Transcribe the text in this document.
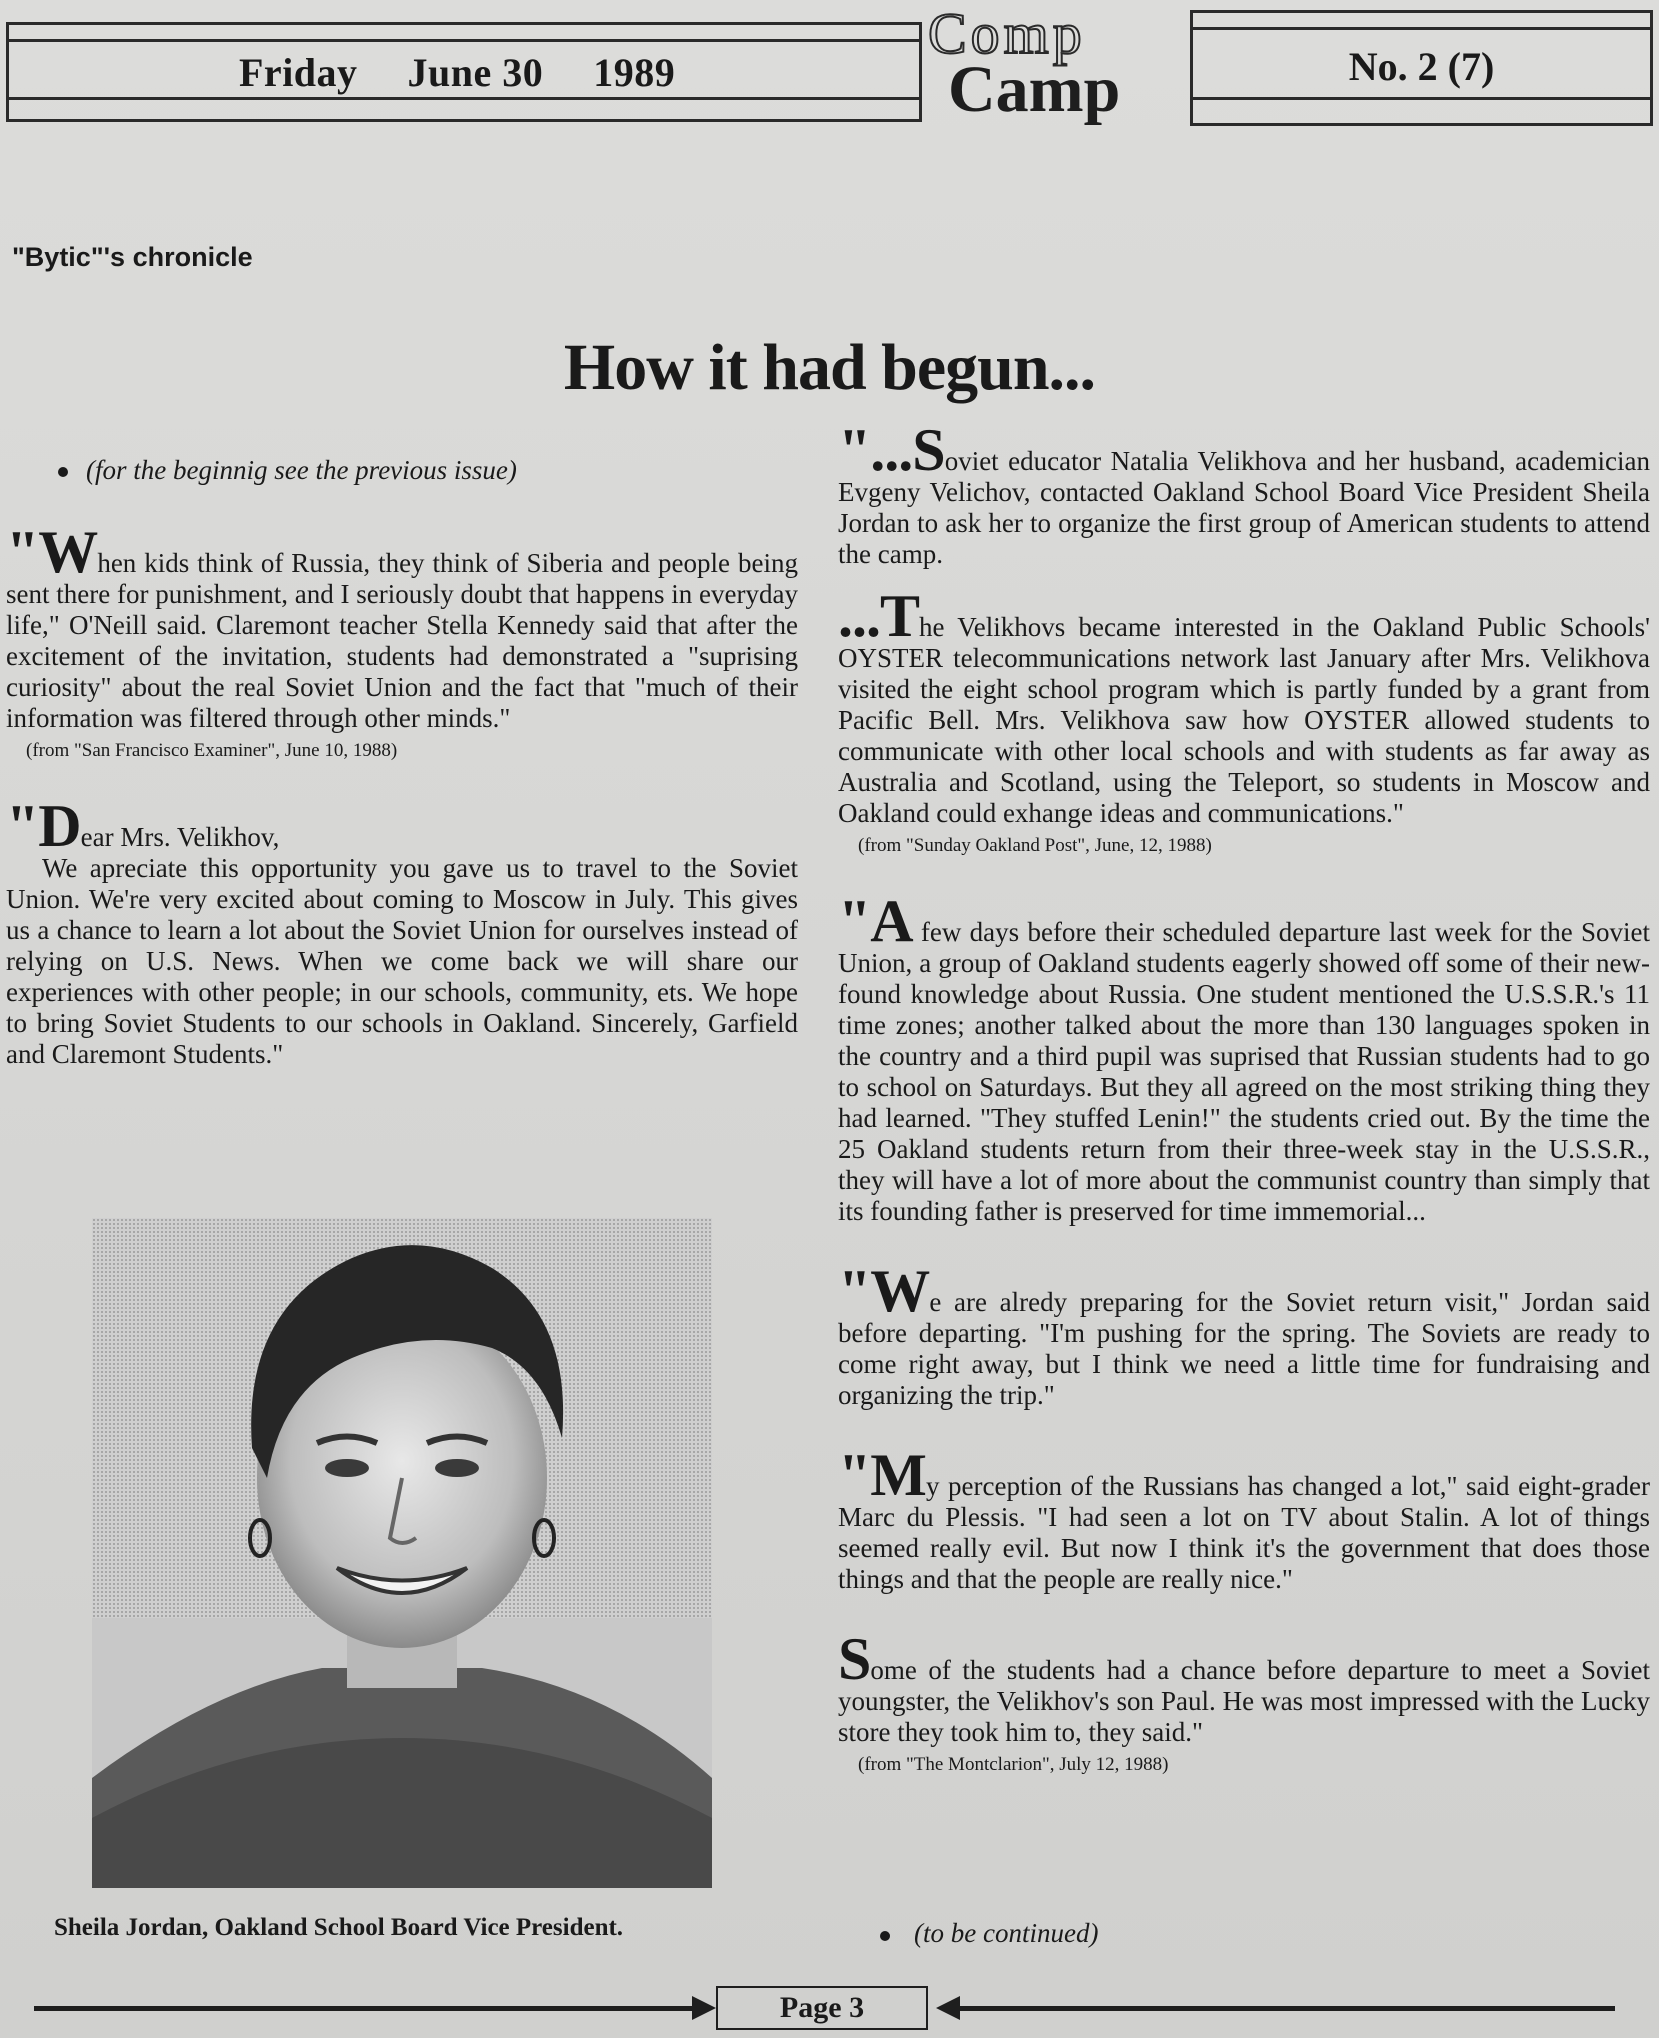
Friday June 30 1989
Comp
Camp	No. 2 (7)
"Bytic"'s chronicle
How it had begun...
(for the beginnig see the previous issue)

"When kids think of Russia, they think of Siberia and people being sent there for punishment, and I seriously doubt that happens in everyday life," O'Neill said. Claremont teacher Stella Kennedy said that after the excitement of the invitation, students had demonstrated a "suprising curiosity" about the real Soviet Union and the fact that "much of their information was filtered through other minds."

(from "San Francisco Examiner", June 10, 1988)

"Dear Mrs. Velikhov,

We apreciate this opportunity you gave us to travel to the Soviet Union. We're very excited about coming to Moscow in July. This gives us a chance to learn a lot about the Soviet Union for ourselves instead of relying on U.S. News. When we come back we will share our experiences with other people; in our schools, community, ets. We hope to bring Soviet Students to our schools in Oakland. Sincerely, Garfield and Claremont Students."

Sheila Jordan, Oakland School Board Vice President.

"...Soviet educator Natalia Velikhova and her husband, academician Evgeny Velichov, contacted Oakland School Board Vice President Sheila Jordan to ask her to organize the first group of American students to attend the camp.

...The Velikhovs became interested in the Oakland Public Schools' OYSTER telecommunications network last January after Mrs. Velikhova visited the eight school program which is partly funded by a grant from Pacific Bell. Mrs. Velikhova saw how OYSTER allowed students to communicate with other local schools and with students as far away as Australia and Scotland, using the Teleport, so students in Moscow and Oakland could exhange ideas and communications."

(from "Sunday Oakland Post", June, 12, 1988)

"A few days before their scheduled departure last week for the Soviet Union, a group of Oakland students eagerly showed off some of their new-found knowledge about Russia. One student mentioned the U.S.S.R.'s 11 time zones; another talked about the more than 130 languages spoken in the country and a third pupil was suprised that Russian students had to go to school on Saturdays. But they all agreed on the most striking thing they had learned. "They stuffed Lenin!" the students cried out. By the time the 25 Oakland students return from their three-week stay in the U.S.S.R., they will have a lot of more about the communist country than simply that its founding father is preserved for time immemorial...

"We are alredy preparing for the Soviet return visit," Jordan said before departing. "I'm pushing for the spring. The Soviets are ready to come right away, but I think we need a little time for fundraising and organizing the trip."

"My perception of the Russians has changed a lot," said eight-grader Marc du Plessis. "I had seen a lot on TV about Stalin. A lot of things seemed really evil. But now I think it's the government that does those things and that the people are really nice."

Some of the students had a chance before departure to meet a Soviet youngster, the Velikhov's son Paul. He was most impressed with the Lucky store they took him to, they said."

(from "The Montclarion", July 12, 1988)

(to be continued)
Page 3
